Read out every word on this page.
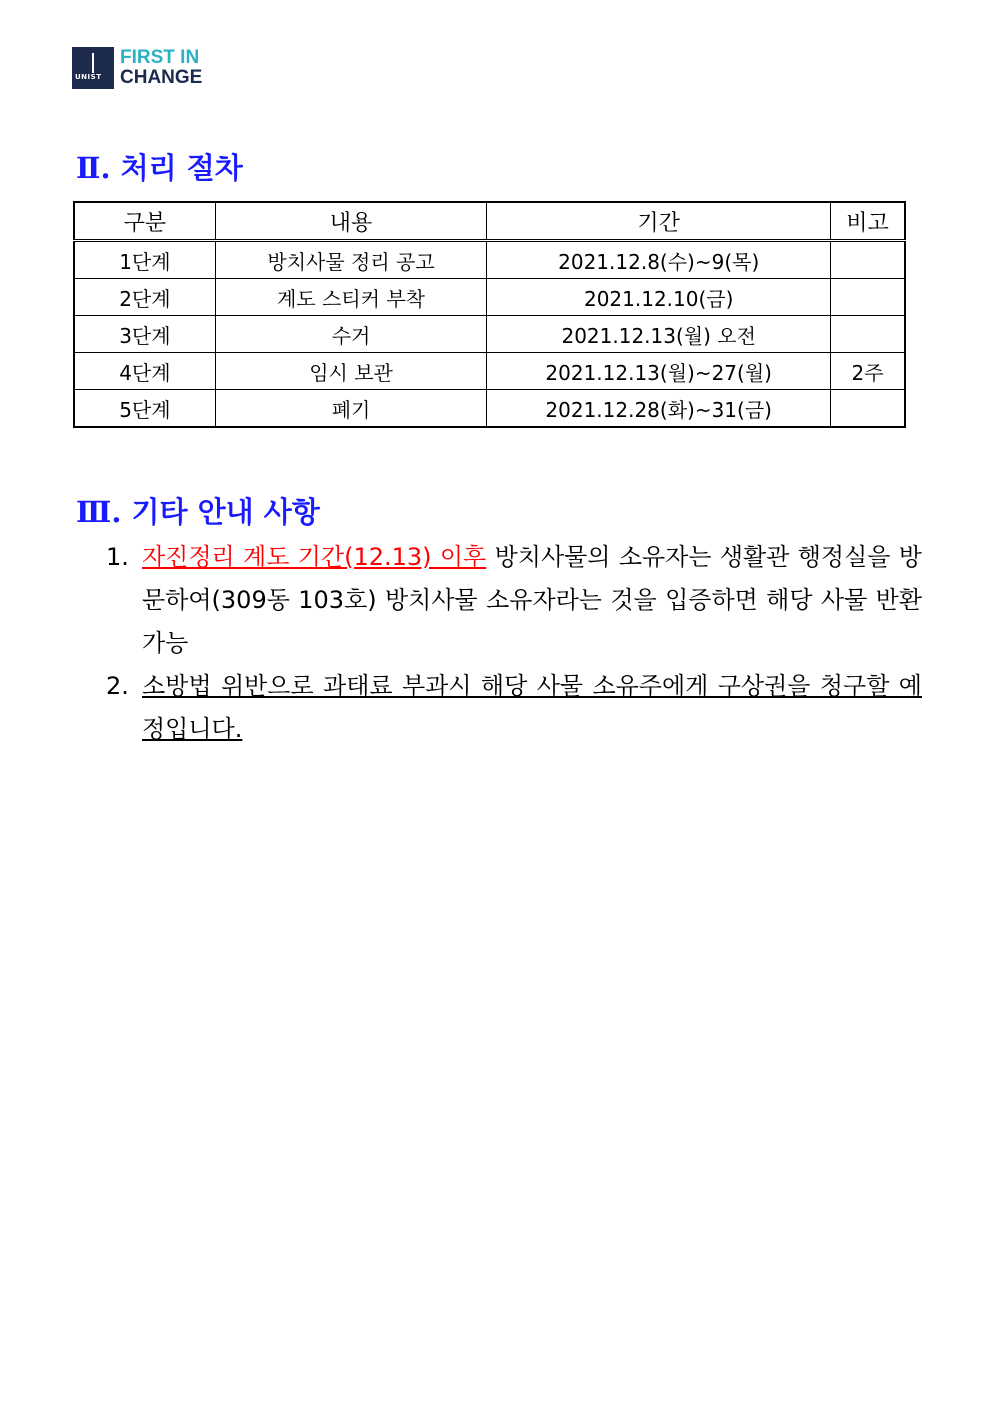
UNIST
FIRST IN
CHANGE
Ⅱ. 처리 절차
구분	내용	기간	비고
1단계	방치사물 정리 공고	2021.12.8(수)~9(목)	
2단계	계도 스티커 부착	2021.12.10(금)	
3단계	수거	2021.12.13(월) 오전	
4단계	임시 보관	2021.12.13(월)~27(월)	2주
5단계	폐기	2021.12.28(화)~31(금)	
Ⅲ. 기타 안내 사항
1. 자진정리 계도 기간(12.13) 이후 방치사물의 소유자는 생활관 행정실을 방문하여(309동 103호) 방치사물 소유자라는 것을 입증하면 해당 사물 반환가능
2. 소방법 위반으로 과태료 부과시 해당 사물 소유주에게 구상권을 청구할 예정입니다.
